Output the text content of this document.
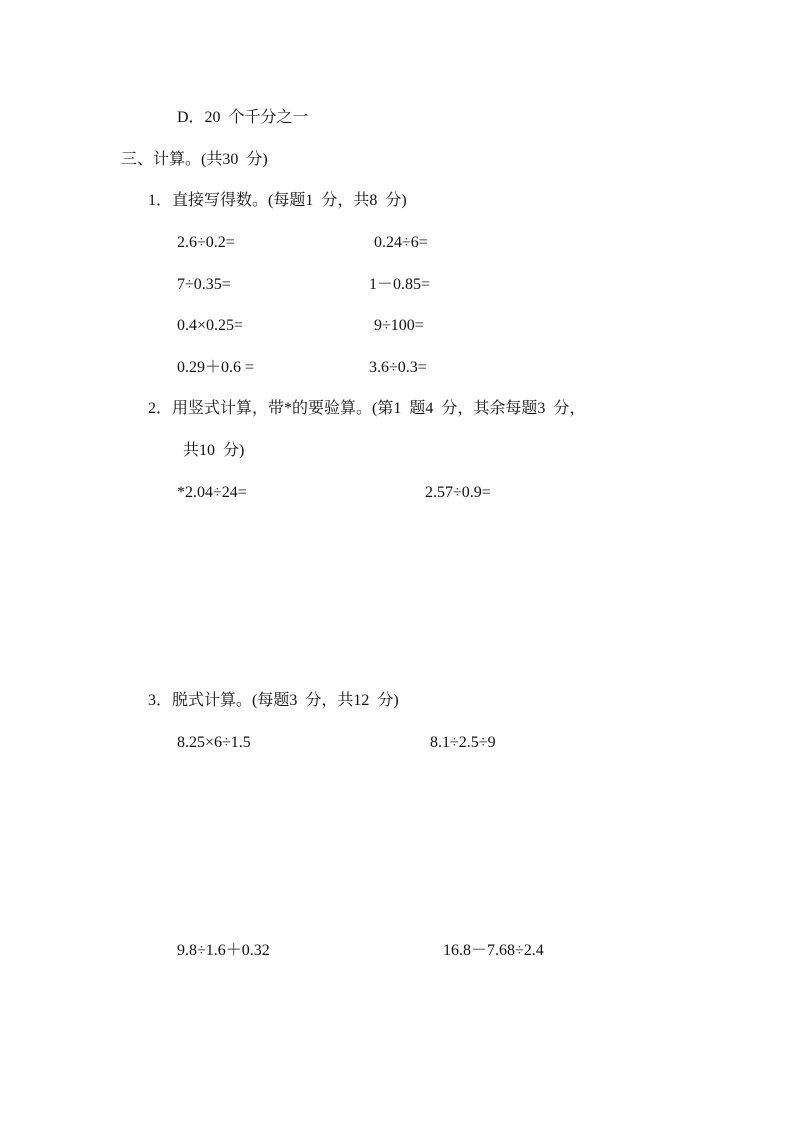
D．20  个千分之一
三、计算。(共30  分)
1．直接写得数。(每题1  分，共8  分)
2.6÷0.2=	0.24÷6=
7÷0.35=	1－0.85=
0.4×0.25=	9÷100=
0.29＋0.6 =	3.6÷0.3=
2．用竖式计算，带*的要验算。(第1  题4  分，其余每题3  分，
共10  分)
*2.04÷24=	2.57÷0.9=
3．脱式计算。(每题3  分，共12  分)
8.25×6÷1.5	8.1÷2.5÷9
9.8÷1.6＋0.32	16.8－7.68÷2.4
